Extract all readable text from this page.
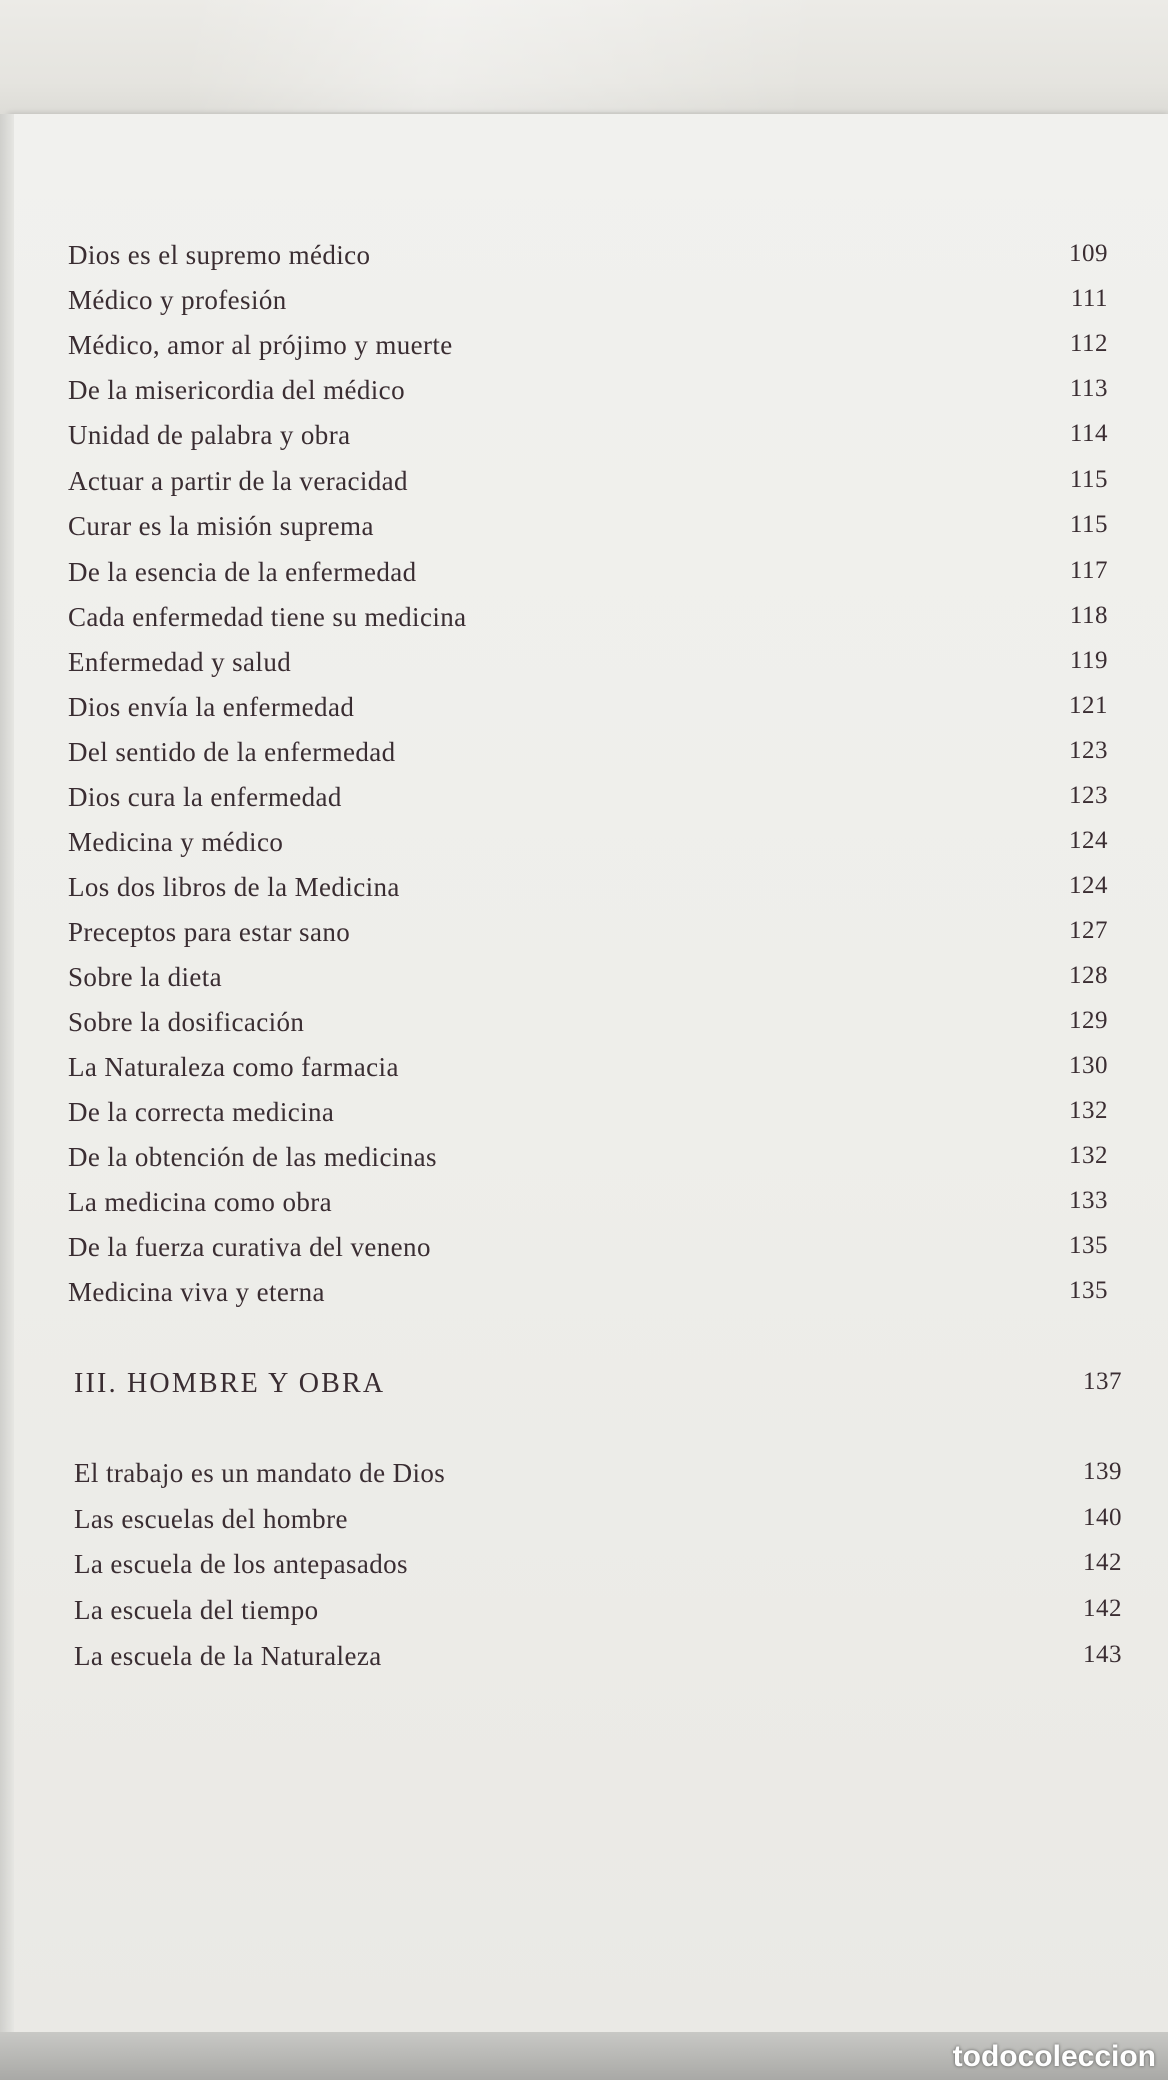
Dios es el supremo médico	109
Médico y profesión	111
Médico, amor al prójimo y muerte	112
De la misericordia del médico	113
Unidad de palabra y obra	114
Actuar a partir de la veracidad	115
Curar es la misión suprema	115
De la esencia de la enfermedad	117
Cada enfermedad tiene su medicina	118
Enfermedad y salud	119
Dios envía la enfermedad	121
Del sentido de la enfermedad	123
Dios cura la enfermedad	123
Medicina y médico	124
Los dos libros de la Medicina	124
Preceptos para estar sano	127
Sobre la dieta	128
Sobre la dosificación	129
La Naturaleza como farmacia	130
De la correcta medicina	132
De la obtención de las medicinas	132
La medicina como obra	133
De la fuerza curativa del veneno	135
Medicina viva y eterna	135
III. HOMBRE Y OBRA	137
El trabajo es un mandato de Dios	139
Las escuelas del hombre	140
La escuela de los antepasados	142
La escuela del tiempo	142
La escuela de la Naturaleza	143
todocoleccion
